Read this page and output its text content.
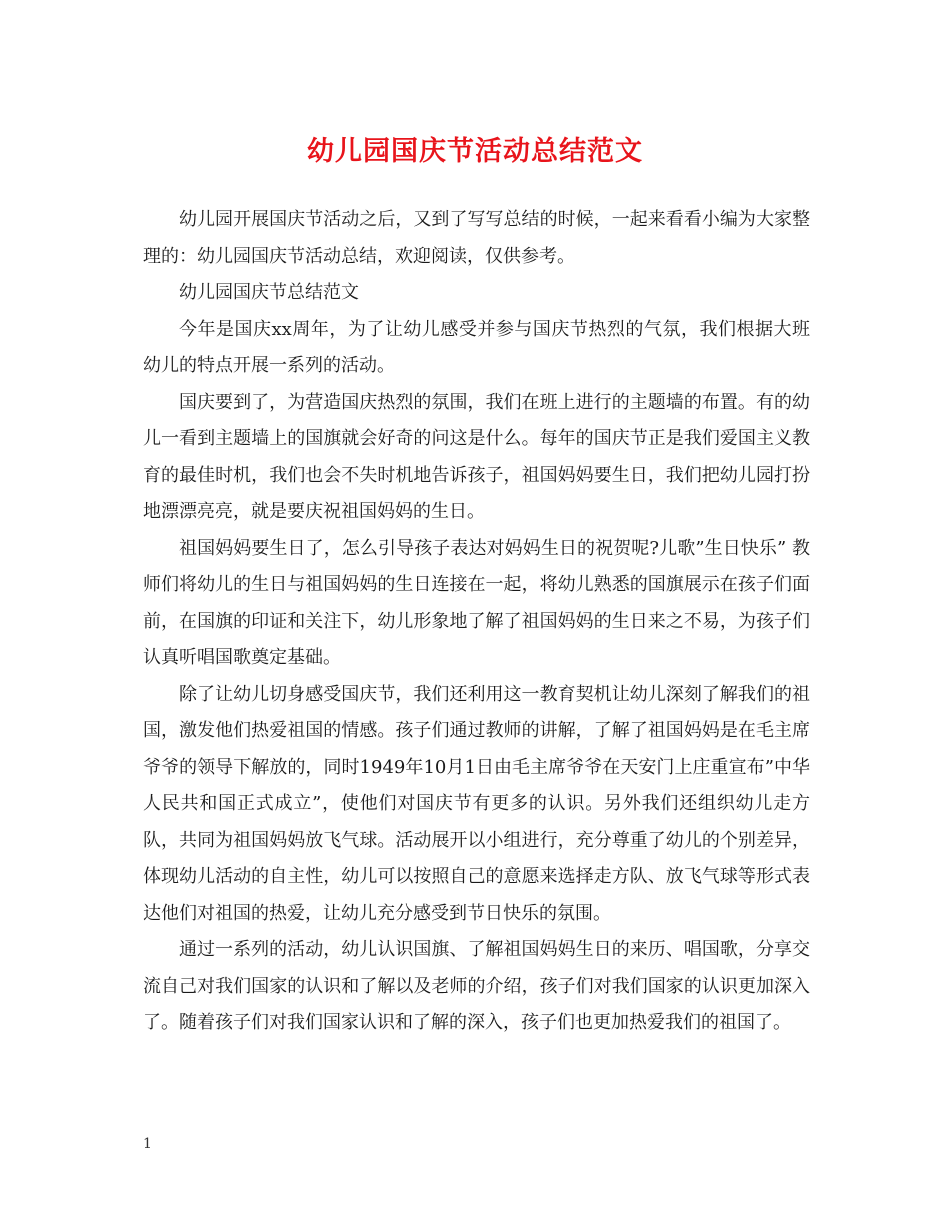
幼儿园国庆节活动总结范文

幼儿园开展国庆节活动之后，又到了写写总结的时候，一起来看看小编为大家整理的：幼儿园国庆节活动总结，欢迎阅读，仅供参考。

幼儿园国庆节总结范文

今年是国庆xx周年，为了让幼儿感受并参与国庆节热烈的气氛，我们根据大班幼儿的特点开展一系列的活动。

国庆要到了，为营造国庆热烈的氛围，我们在班上进行的主题墙的布置。有的幼儿一看到主题墙上的国旗就会好奇的问这是什么。每年的国庆节正是我们爱国主义教育的最佳时机，我们也会不失时机地告诉孩子，祖国妈妈要生日，我们把幼儿园打扮地漂漂亮亮，就是要庆祝祖国妈妈的生日。

祖国妈妈要生日了，怎么引导孩子表达对妈妈生日的祝贺呢?儿歌”生日快乐” 教师们将幼儿的生日与祖国妈妈的生日连接在一起，将幼儿熟悉的国旗展示在孩子们面前，在国旗的印证和关注下，幼儿形象地了解了祖国妈妈的生日来之不易，为孩子们认真听唱国歌奠定基础。

除了让幼儿切身感受国庆节，我们还利用这一教育契机让幼儿深刻了解我们的祖国，激发他们热爱祖国的情感。孩子们通过教师的讲解，了解了祖国妈妈是在毛主席爷爷的领导下解放的，同时1949年10月1日由毛主席爷爷在天安门上庄重宣布”中华人民共和国正式成立”，使他们对国庆节有更多的认识。另外我们还组织幼儿走方队，共同为祖国妈妈放飞气球。活动展开以小组进行，充分尊重了幼儿的个别差异，体现幼儿活动的自主性，幼儿可以按照自己的意愿来选择走方队、放飞气球等形式表达他们对祖国的热爱，让幼儿充分感受到节日快乐的氛围。

通过一系列的活动，幼儿认识国旗、了解祖国妈妈生日的来历、唱国歌，分享交流自己对我们国家的认识和了解以及老师的介绍，孩子们对我们国家的认识更加深入了。随着孩子们对我们国家认识和了解的深入，孩子们也更加热爱我们的祖国了。

1
